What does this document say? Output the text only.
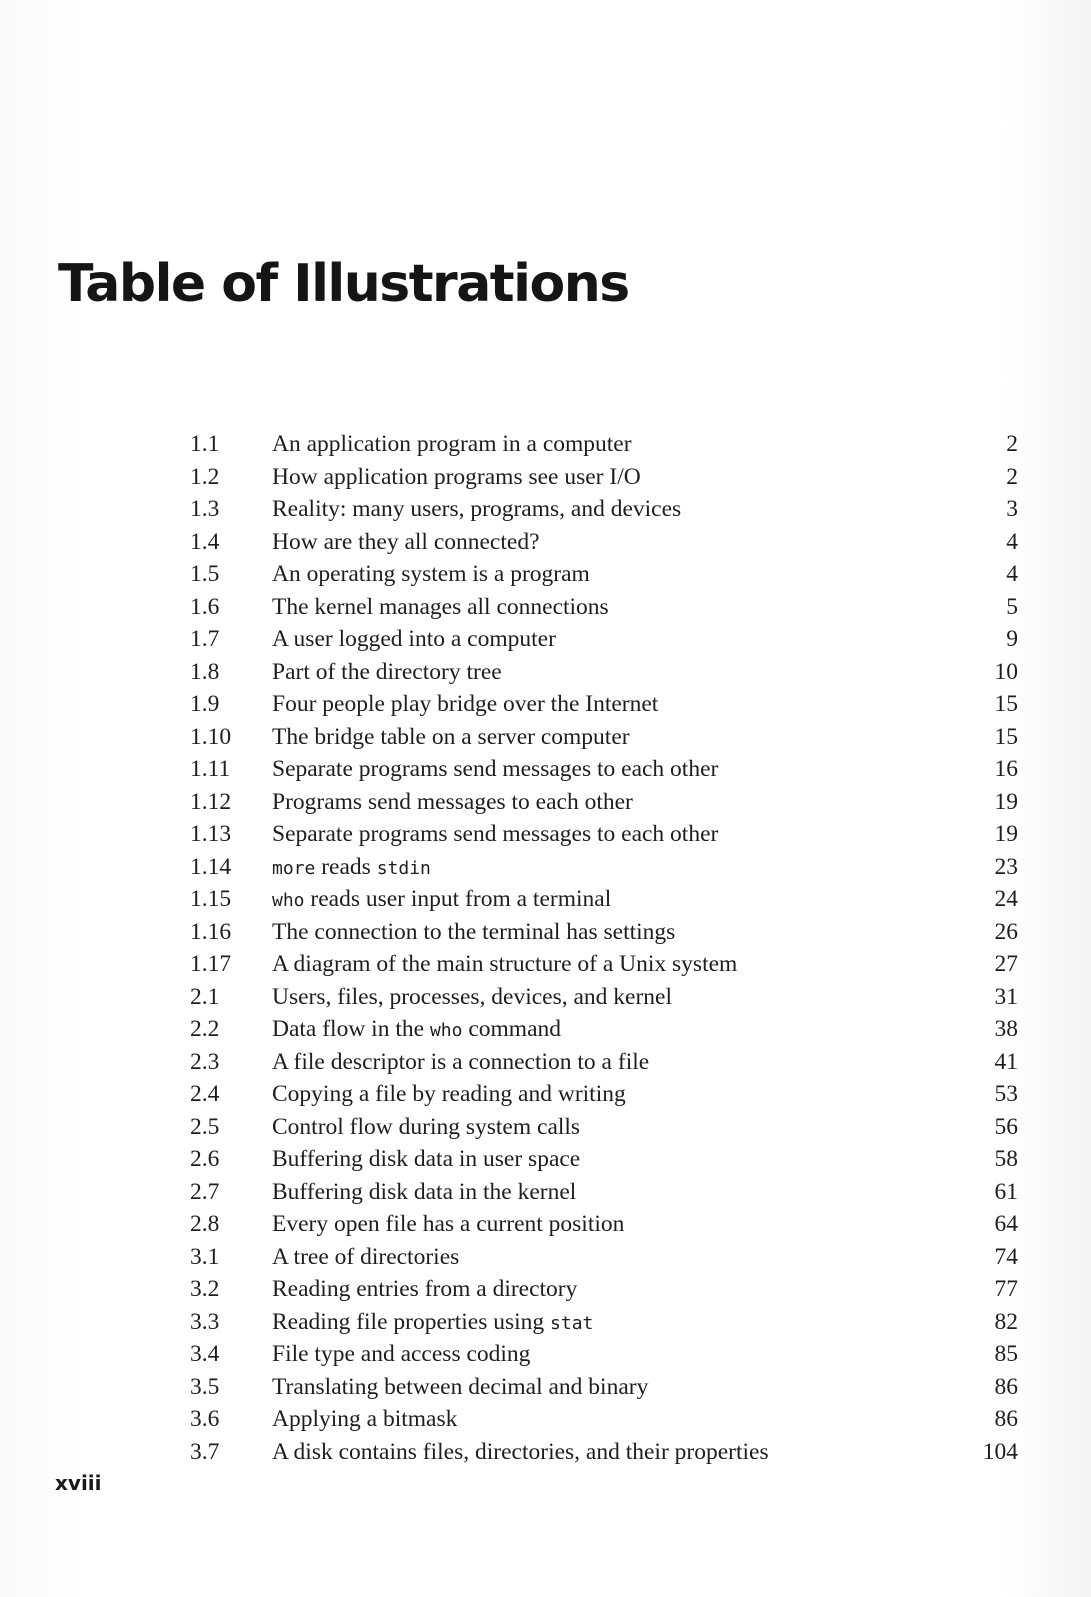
Table of Illustrations
1.1 An application program in a computer	2
1.2 How application programs see user I/O	2
1.3 Reality: many users, programs, and devices	3
1.4 How are they all connected?	4
1.5 An operating system is a program	4
1.6 The kernel manages all connections	5
1.7 A user logged into a computer	9
1.8 Part of the directory tree	10
1.9 Four people play bridge over the Internet	15
1.10 The bridge table on a server computer	15
1.11 Separate programs send messages to each other	16
1.12 Programs send messages to each other	19
1.13 Separate programs send messages to each other	19
1.14 more reads stdin	23
1.15 who reads user input from a terminal	24
1.16 The connection to the terminal has settings	26
1.17 A diagram of the main structure of a Unix system	27
2.1 Users, files, processes, devices, and kernel	31
2.2 Data flow in the who command	38
2.3 A file descriptor is a connection to a file	41
2.4 Copying a file by reading and writing	53
2.5 Control flow during system calls	56
2.6 Buffering disk data in user space	58
2.7 Buffering disk data in the kernel	61
2.8 Every open file has a current position	64
3.1 A tree of directories	74
3.2 Reading entries from a directory	77
3.3 Reading file properties using stat	82
3.4 File type and access coding	85
3.5 Translating between decimal and binary	86
3.6 Applying a bitmask	86
3.7 A disk contains files, directories, and their properties	104
xviii
